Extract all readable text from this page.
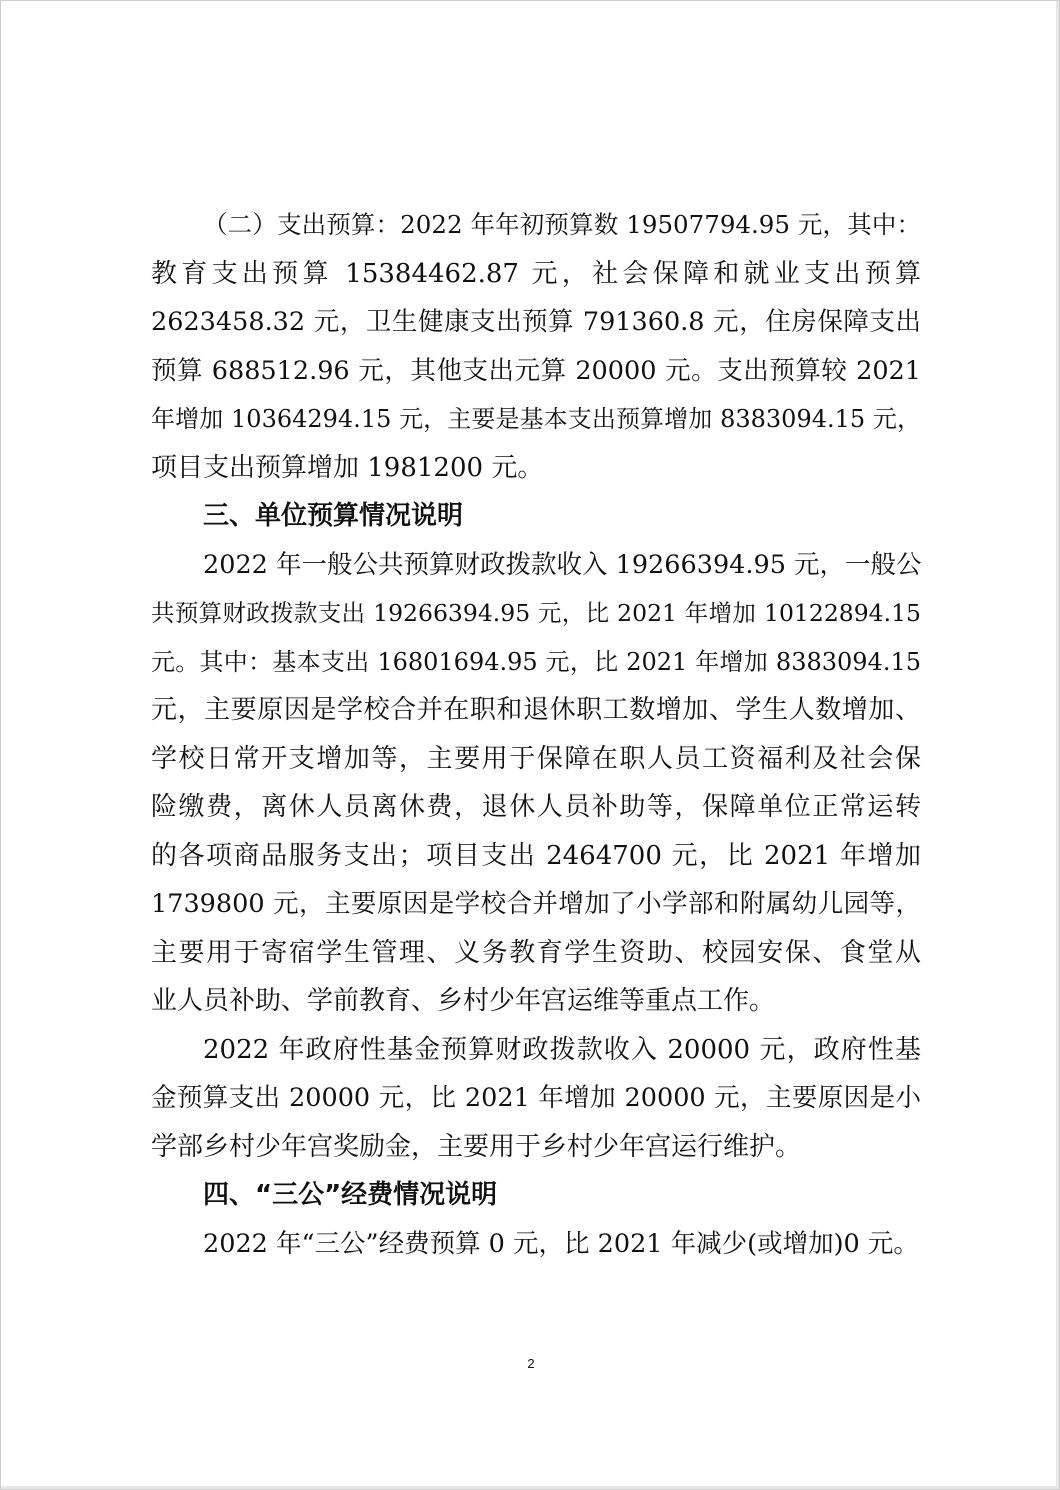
（二）支出预算：2022 年年初预算数 19507794.95 元，其中：
教育支出预算 15384462.87 元，社会保障和就业支出预算
2623458.32 元，卫生健康支出预算 791360.8 元，住房保障支出
预算 688512.96 元，其他支出元算 20000 元。支出预算较 2021
年增加 10364294.15 元，主要是基本支出预算增加 8383094.15 元，
项目支出预算增加 1981200 元。
三、单位预算情况说明
2022 年一般公共预算财政拨款收入 19266394.95 元，一般公
共预算财政拨款支出 19266394.95 元，比 2021 年增加 10122894.15
元。其中：基本支出 16801694.95 元，比 2021 年增加 8383094.15
元，主要原因是学校合并在职和退休职工数增加、学生人数增加、
学校日常开支增加等，主要用于保障在职人员工资福利及社会保
险缴费，离休人员离休费，退休人员补助等，保障单位正常运转
的各项商品服务支出；项目支出 2464700 元，比 2021 年增加
1739800 元，主要原因是学校合并增加了小学部和附属幼儿园等，
主要用于寄宿学生管理、义务教育学生资助、校园安保、食堂从
业人员补助、学前教育、乡村少年宫运维等重点工作。
2022 年政府性基金预算财政拨款收入 20000 元，政府性基
金预算支出 20000 元，比 2021 年增加 20000 元，主要原因是小
学部乡村少年宫奖励金，主要用于乡村少年宫运行维护。
四、“三公”经费情况说明
2022 年“三公”经费预算 0 元，比 2021 年减少(或增加)0 元。
2
